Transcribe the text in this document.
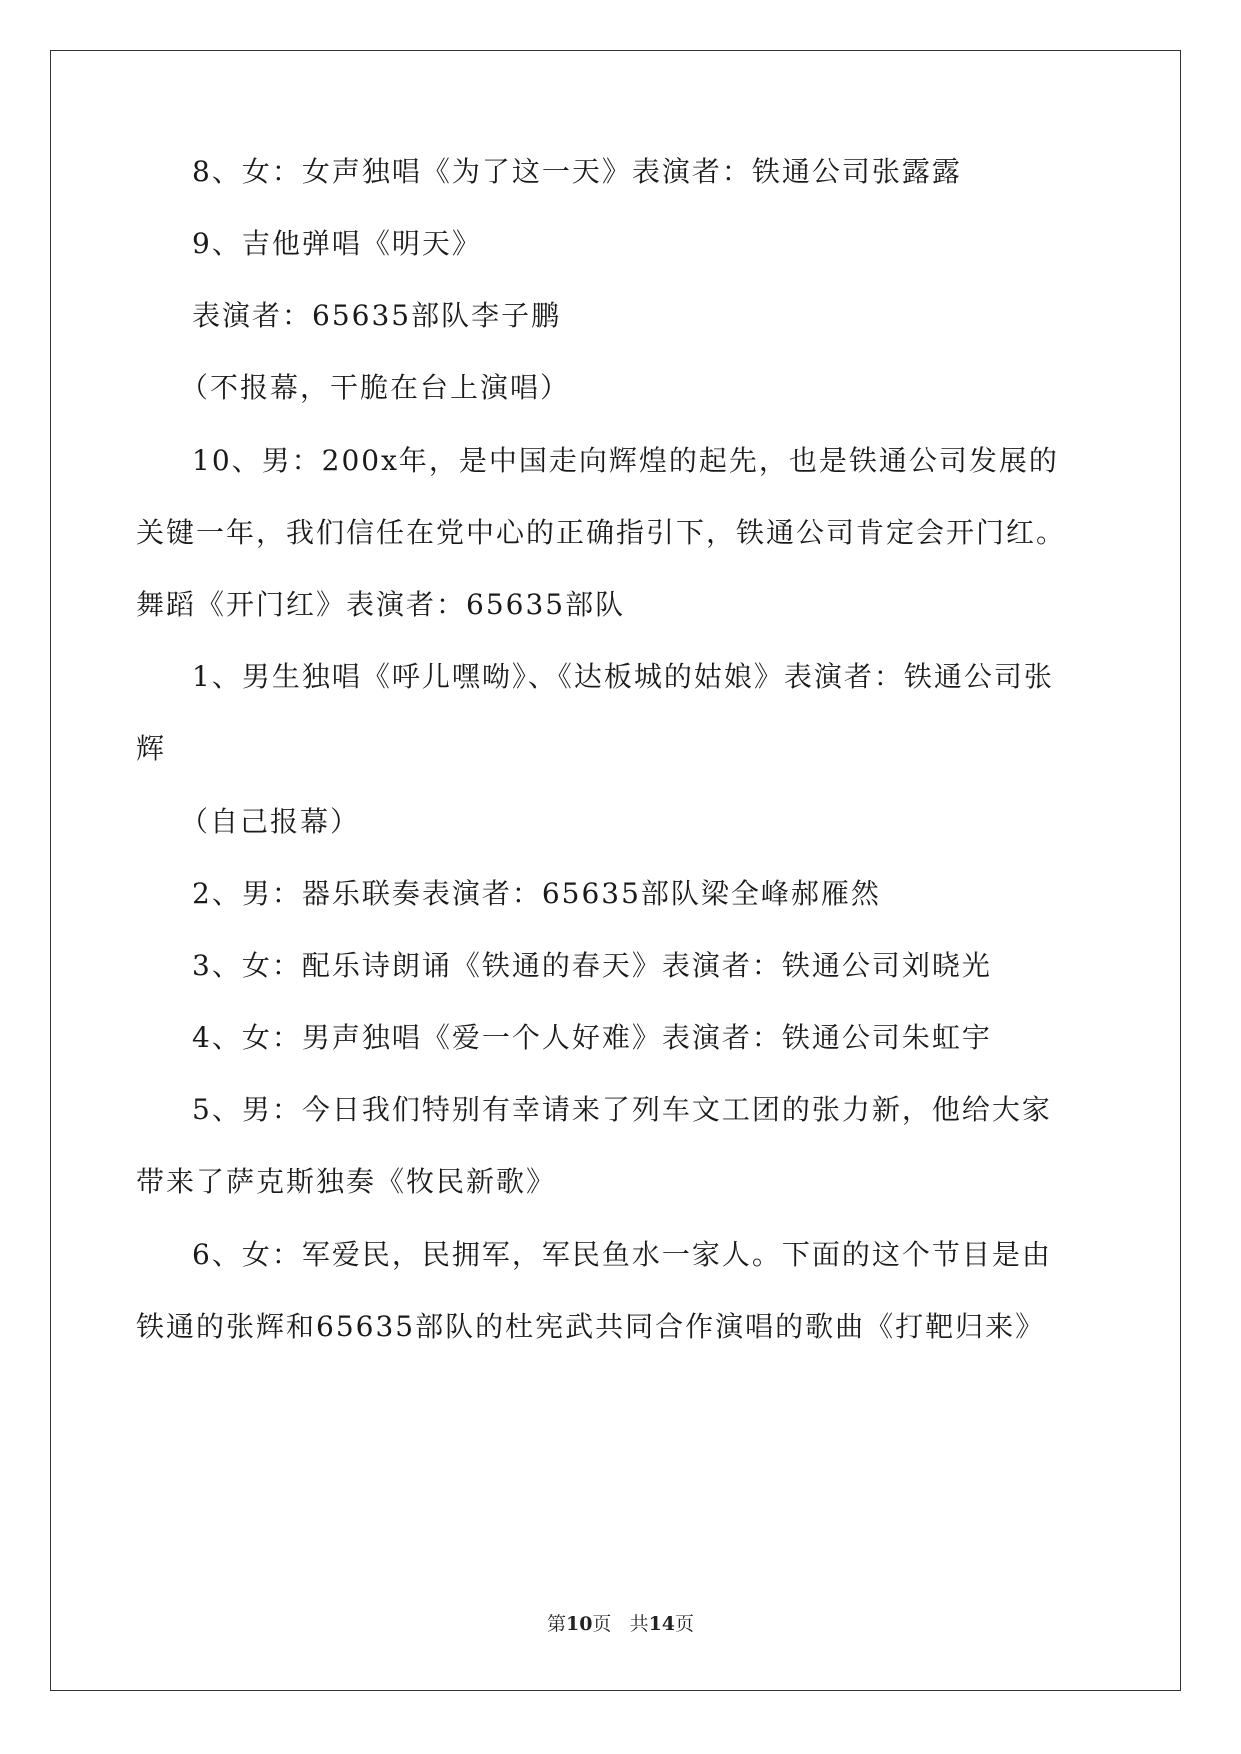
8、女：女声独唱《为了这一天》表演者：铁通公司张露露
9、吉他弹唱《明天》
表演者：65635部队李子鹏
（不报幕，干脆在台上演唱）
10、男：200x年，是中国走向辉煌的起先，也是铁通公司发展的
关键一年，我们信任在党中心的正确指引下，铁通公司肯定会开门红。
舞蹈《开门红》表演者：65635部队
1、男生独唱《呼儿嘿呦》、《达板城的姑娘》表演者：铁通公司张
辉
（自己报幕）
2、男：器乐联奏表演者：65635部队梁全峰郝雁然
3、女：配乐诗朗诵《铁通的春天》表演者：铁通公司刘晓光
4、女：男声独唱《爱一个人好难》表演者：铁通公司朱虹宇
5、男：今日我们特别有幸请来了列车文工团的张力新，他给大家
带来了萨克斯独奏《牧民新歌》
6、女：军爱民，民拥军，军民鱼水一家人。下面的这个节目是由
铁通的张辉和65635部队的杜宪武共同合作演唱的歌曲《打靶归来》
第10页 共14页
